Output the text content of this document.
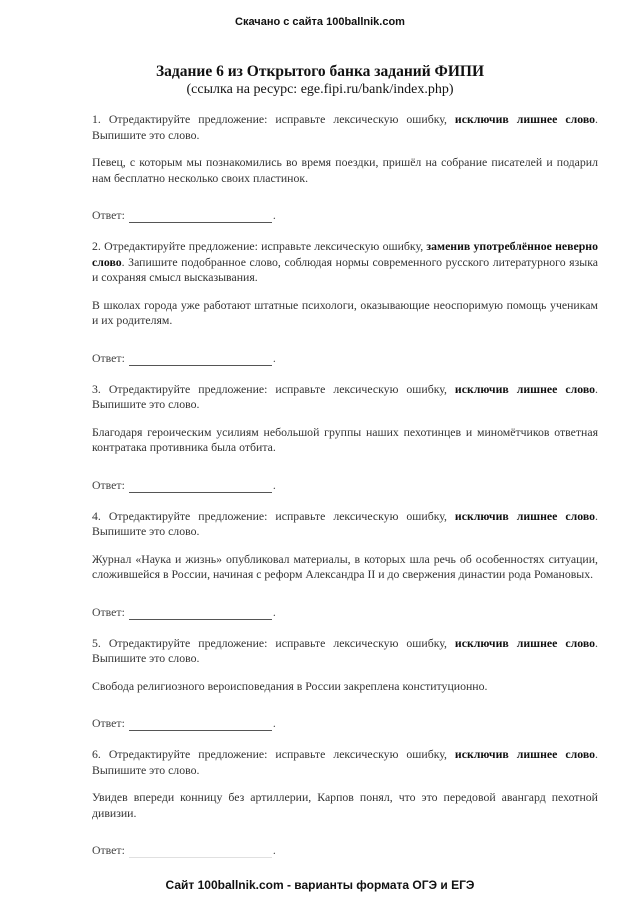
Скачано с сайта 100ballnik.com
Задание 6 из Открытого банка заданий ФИПИ
(ссылка на ресурс: ege.fipi.ru/bank/index.php)

1. Отредактируйте предложение: исправьте лексическую ошибку, исключив лишнее слово. Выпишите это слово.

Певец, с которым мы познакомились во время поездки, пришёл на собрание писателей и подарил нам бесплатно несколько своих пластинок.

Ответ:	.

2. Отредактируйте предложение: исправьте лексическую ошибку, заменив употреблённое неверно слово. Запишите подобранное слово, соблюдая нормы современного русского литературного языка и сохраняя смысл высказывания.

В школах города уже работают штатные психологи, оказывающие неоспоримую помощь ученикам и их родителям.

Ответ:	.

3. Отредактируйте предложение: исправьте лексическую ошибку, исключив лишнее слово. Выпишите это слово.

Благодаря героическим усилиям небольшой группы наших пехотинцев и миномётчиков ответная контратака противника была отбита.

Ответ:	.

4. Отредактируйте предложение: исправьте лексическую ошибку, исключив лишнее слово. Выпишите это слово.

Журнал «Наука и жизнь» опубликовал материалы, в которых шла речь об особенностях ситуации, сложившейся в России, начиная с реформ Александра II и до свержения династии рода Романовых.

Ответ:	.

5. Отредактируйте предложение: исправьте лексическую ошибку, исключив лишнее слово. Выпишите это слово.

Свобода религиозного вероисповедания в России закреплена конституционно.

Ответ:	.

6. Отредактируйте предложение: исправьте лексическую ошибку, исключив лишнее слово. Выпишите это слово.

Увидев впереди конницу без артиллерии, Карпов понял, что это передовой авангард пехотной дивизии.

Ответ:	.
Сайт 100ballnik.com - варианты формата ОГЭ и ЕГЭ
